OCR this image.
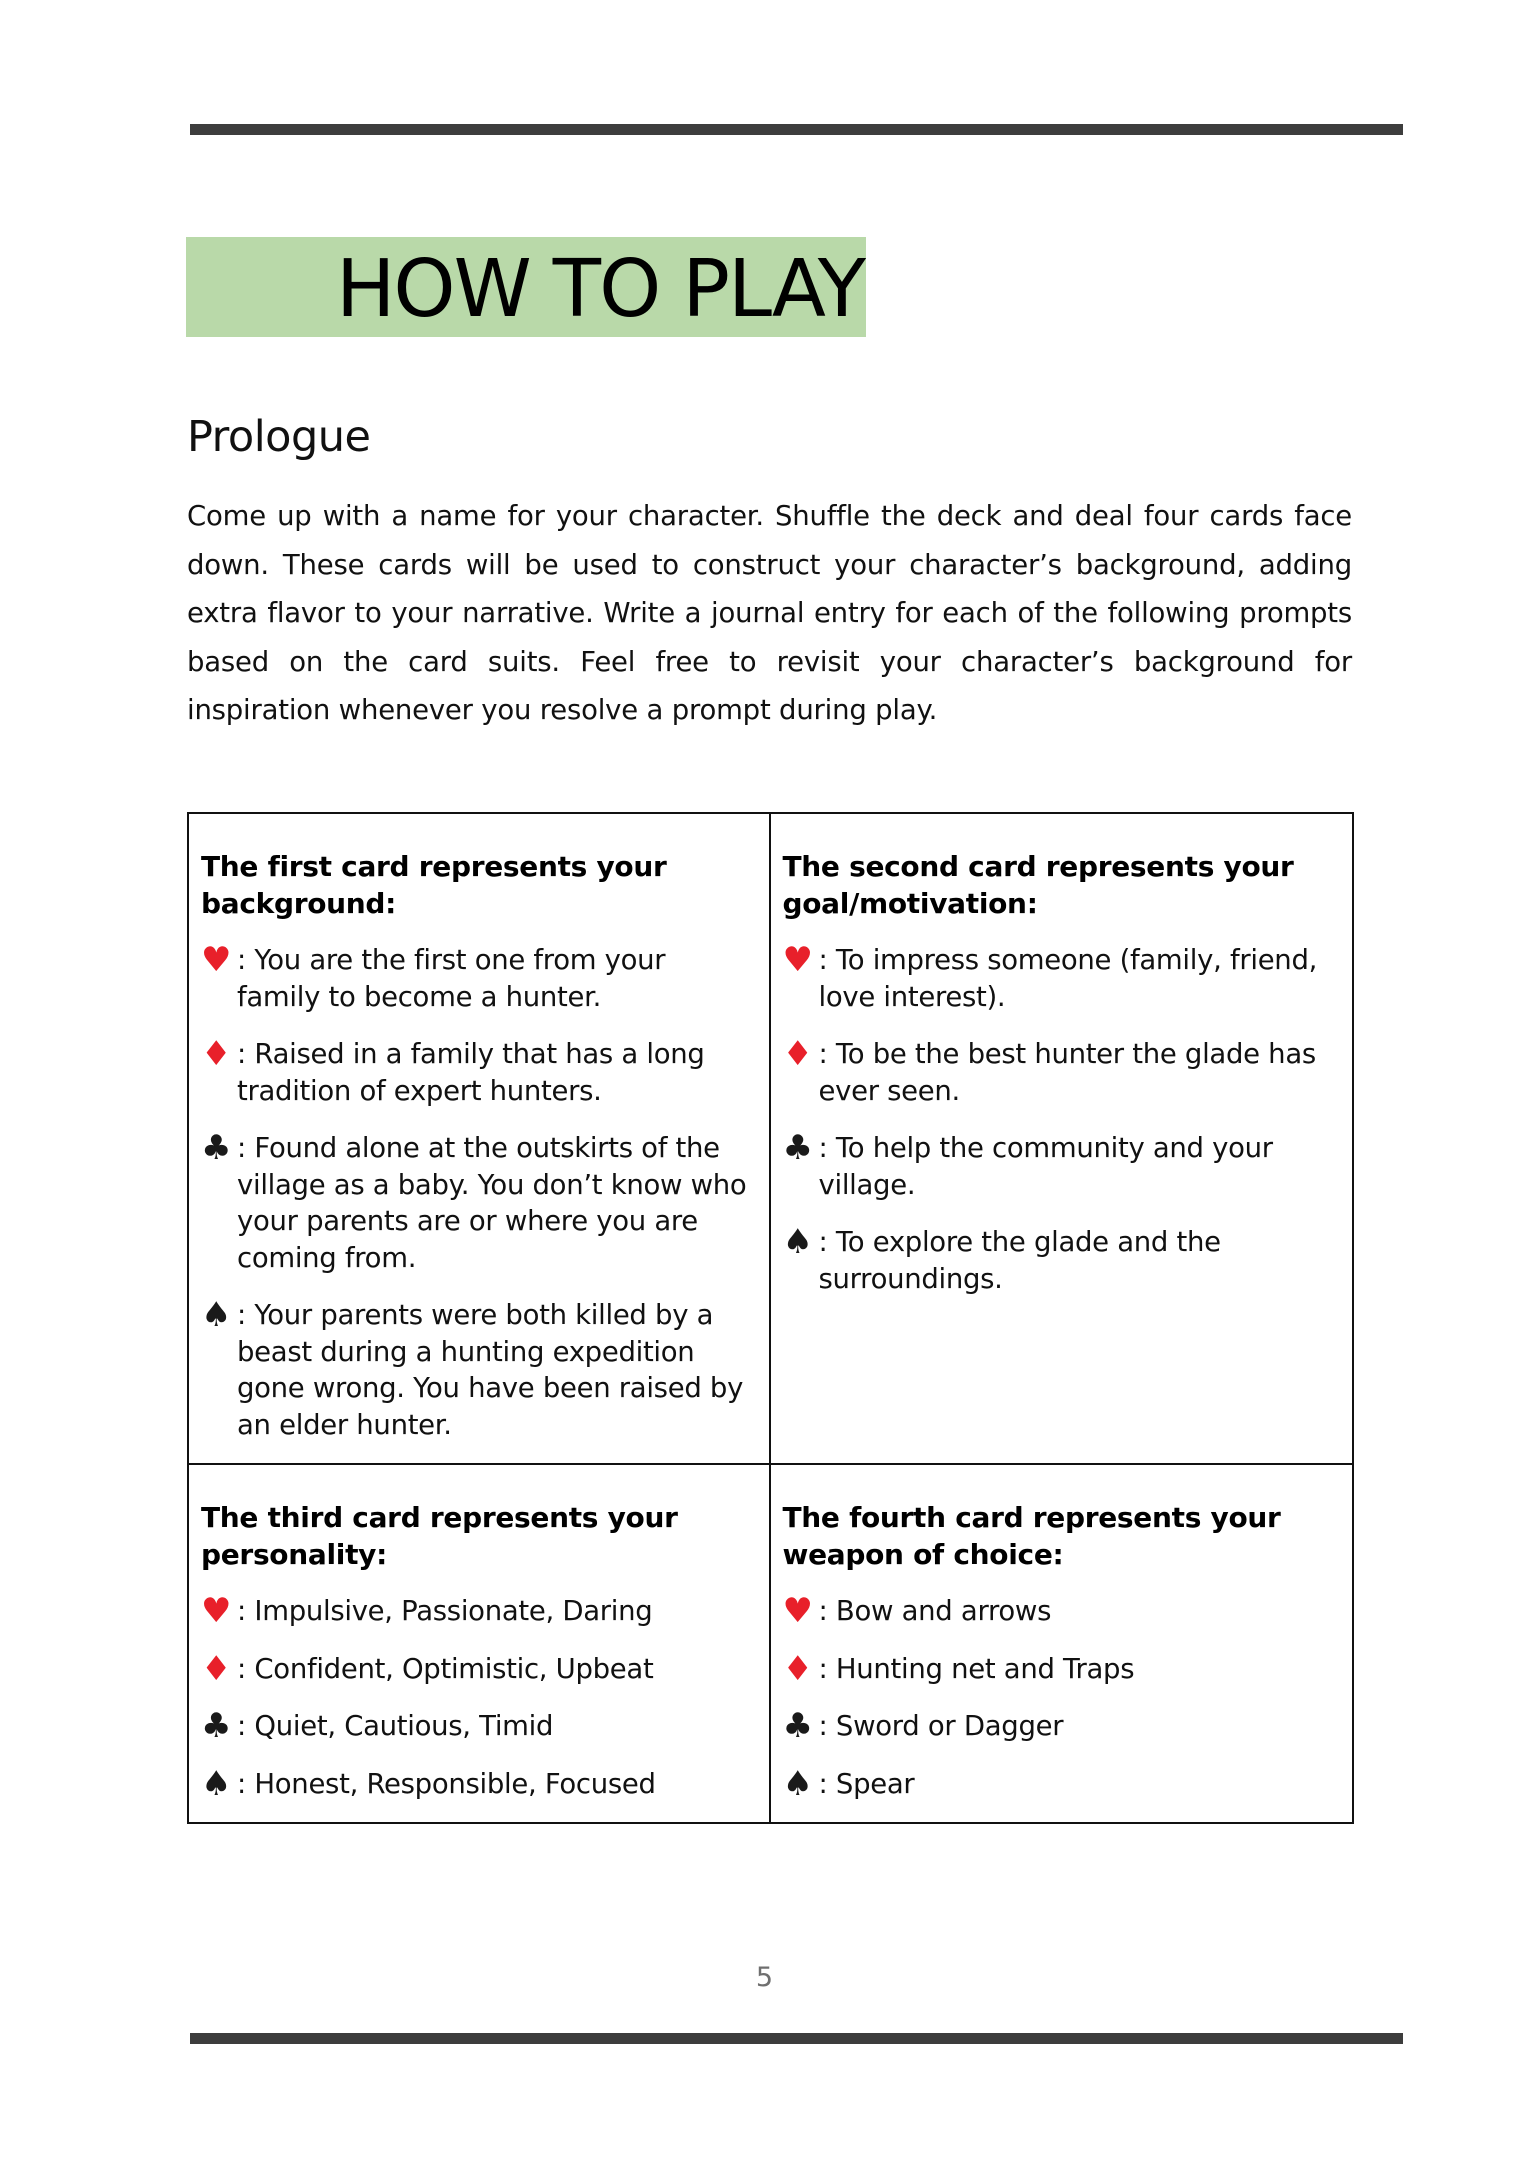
HOW TO PLAY
Prologue

Come up with a name for your character. Shuffle the deck and deal four cards face down. These cards will be used to construct your character’s background, adding extra flavor to your narrative. Write a journal entry for each of the following prompts based on the card suits. Feel free to revisit your character’s background for inspiration whenever you resolve a prompt during play.

The first card represents your background:
♥ : You are the first one from your family to become a hunter.
♦ : Raised in a family that has a long tradition of expert hunters.
♣ : Found alone at the outskirts of the village as a baby. You don’t know who your parents are or where you are coming from.
♠ : Your parents were both killed by a beast during a hunting expedition gone wrong. You have been raised by an elder hunter.
The second card represents your goal/motivation:
♥ : To impress someone (family, friend, love interest).
♦ : To be the best hunter the glade has ever seen.
♣ : To help the community and your village.
♠ : To explore the glade and the surroundings.
The third card represents your personality:
♥ : Impulsive, Passionate, Daring
♦ : Confident, Optimistic, Upbeat
♣ : Quiet, Cautious, Timid
♠ : Honest, Responsible, Focused
The fourth card represents your weapon of choice:
♥ : Bow and arrows
♦ : Hunting net and Traps
♣ : Sword or Dagger
♠ : Spear
5
